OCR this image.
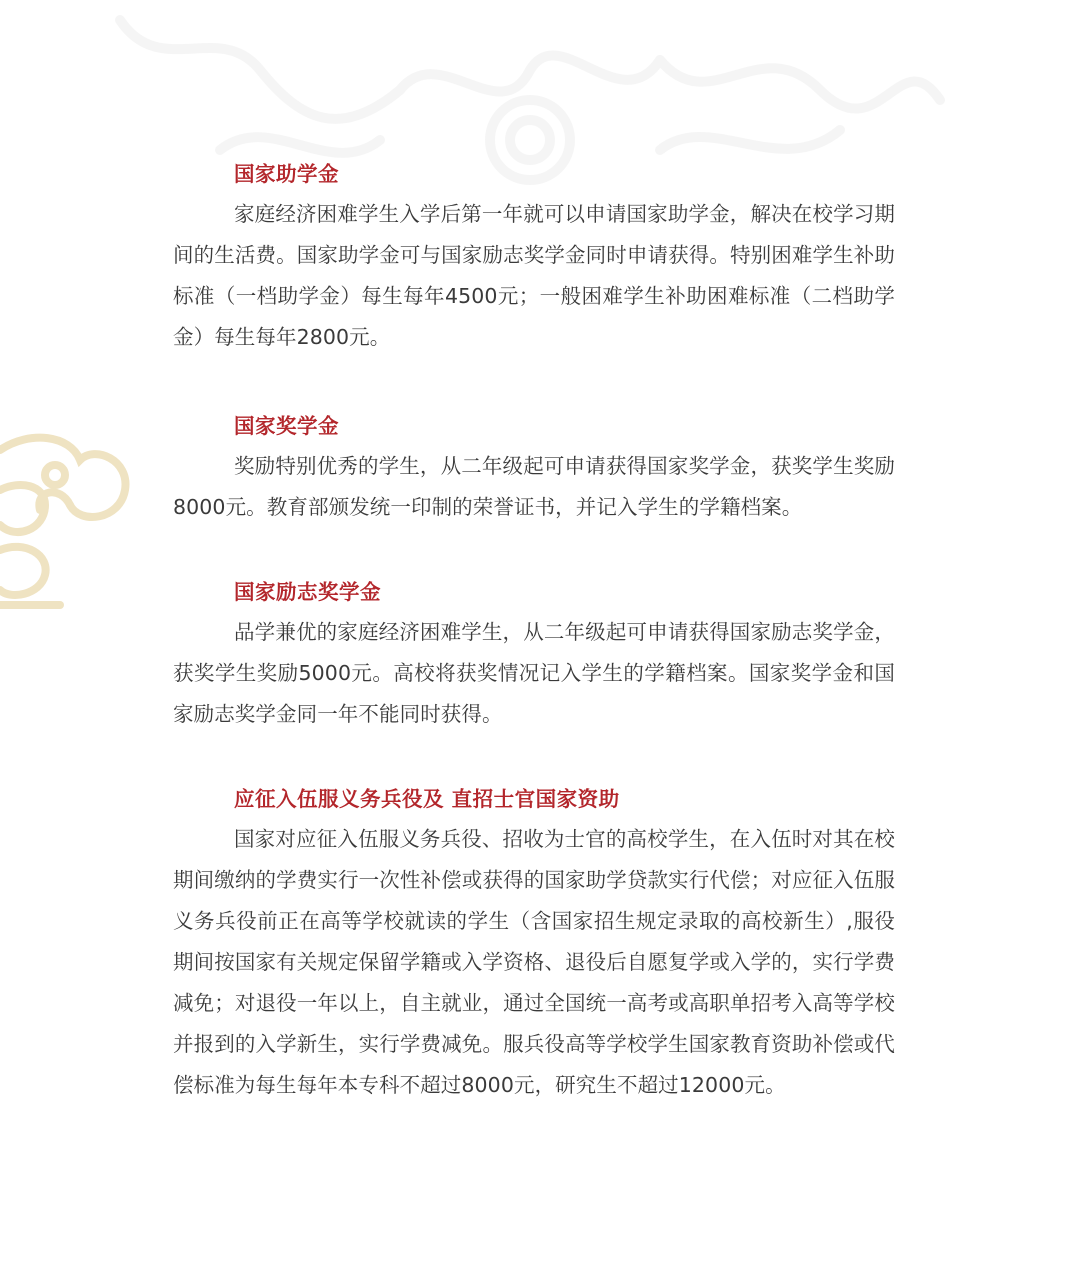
国家助学金

家庭经济困难学生入学后第一年就可以申请国家助学金，解决在校学习期间的生活费。国家助学金可与国家励志奖学金同时申请获得。特别困难学生补助标准（一档助学金）每生每年4500元；一般困难学生补助困难标准（二档助学金）每生每年2800元。

国家奖学金

奖励特别优秀的学生，从二年级起可申请获得国家奖学金，获奖学生奖励8000元。教育部颁发统一印制的荣誉证书，并记入学生的学籍档案。

国家励志奖学金

品学兼优的家庭经济困难学生，从二年级起可申请获得国家励志奖学金，获奖学生奖励5000元。高校将获奖情况记入学生的学籍档案。国家奖学金和国家励志奖学金同一年不能同时获得。

应征入伍服义务兵役及 直招士官国家资助

国家对应征入伍服义务兵役、招收为士官的高校学生，在入伍时对其在校期间缴纳的学费实行一次性补偿或获得的国家助学贷款实行代偿；对应征入伍服义务兵役前正在高等学校就读的学生（含国家招生规定录取的高校新生）,服役期间按国家有关规定保留学籍或入学资格、退役后自愿复学或入学的，实行学费减免；对退役一年以上，自主就业，通过全国统一高考或高职单招考入高等学校并报到的入学新生，实行学费减免。服兵役高等学校学生国家教育资助补偿或代偿标准为每生每年本专科不超过8000元，研究生不超过12000元。
